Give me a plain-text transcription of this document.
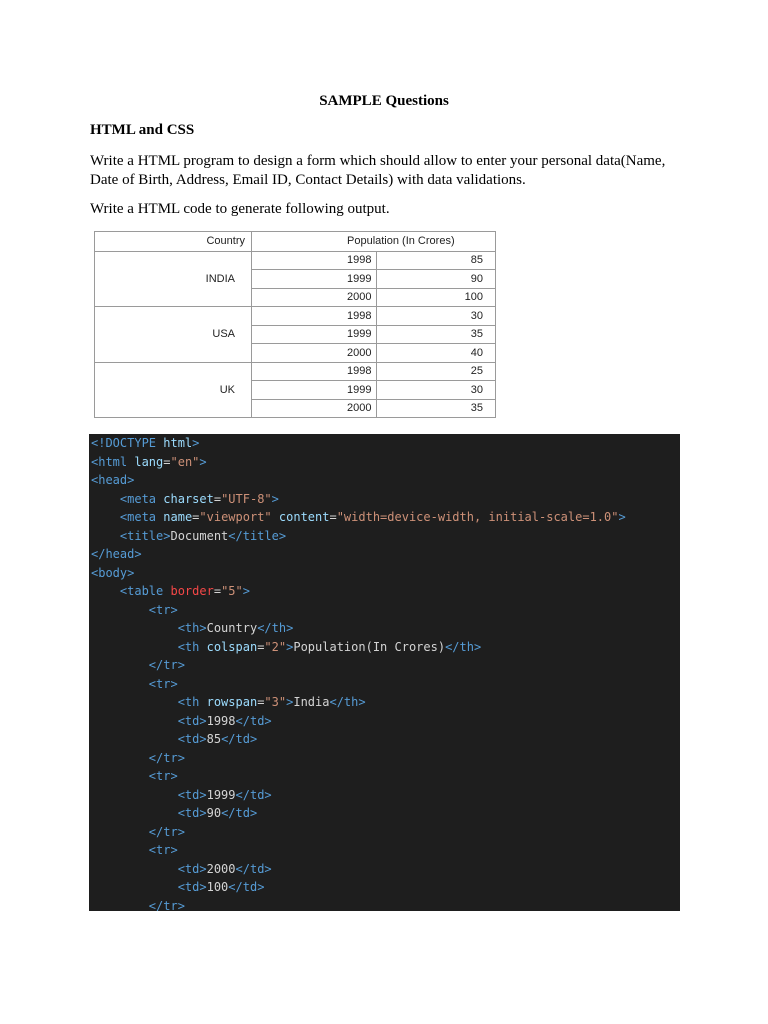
SAMPLE Questions
HTML and CSS
Write a HTML program to design a form which should allow to enter your personal data(Name, Date of Birth, Address, Email ID, Contact Details) with data validations.
Write a HTML code to generate following output.
Country	Population (In Crores)	
INDIA	1998	85
	1999	90
	2000	100
USA	1998	30
	1999	35
	2000	40
UK	1998	25
	1999	30
	2000	35
<!DOCTYPE html>
<html lang="en">
<head>
<meta charset="UTF-8">
<meta name="viewport" content="width=device-width, initial-scale=1.0">
<title>Document</title>
</head>
<body>
<table border="5">
<tr>
<th>Country</th>
<th colspan="2">Population(In Crores)</th>
</tr>
<tr>
<th rowspan="3">India</th>
<td>1998</td>
<td>85</td>
</tr>
<tr>
<td>1999</td>
<td>90</td>
</tr>
<tr>
<td>2000</td>
<td>100</td>
</tr>
